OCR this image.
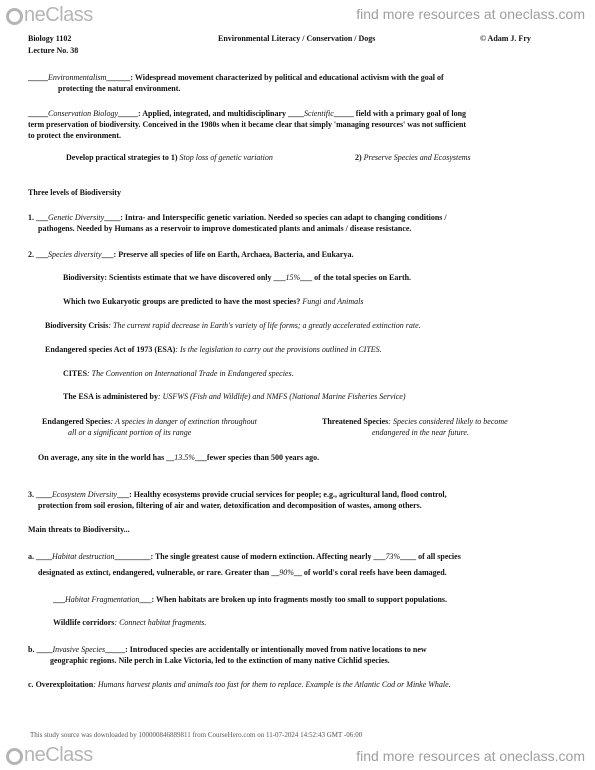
neClass	find more resources at oneclass.com
Biology 1102	Environmental Literacy / Conservation / Dogs	© Adam J. Fry
Lecture No. 38
_____Environmentalism______: Widespread movement characterized by political and educational activism with the goal of
protecting the natural environment.
_____Conservation Biology_____: Applied, integrated, and multidisciplinary ____Scientific_____ field with a primary goal of long
term preservation of biodiversity. Conceived in the 1980s when it became clear that simply 'managing resources' was not sufficient
to protect the environment.
Develop practical strategies to 1) Stop loss of genetic variation	2) Preserve Species and Ecosystems
Three levels of Biodiversity
1. ___Genetic Diversity____: Intra- and Interspecific genetic variation. Needed so species can adapt to changing conditions /
pathogens. Needed by Humans as a reservoir to improve domesticated plants and animals / disease resistance.
2. ___Species diversity___: Preserve all species of life on Earth, Archaea, Bacteria, and Eukarya.
Biodiversity: Scientists estimate that we have discovered only ___15%___ of the total species on Earth.
Which two Eukaryotic groups are predicted to have the most species? Fungi and Animals
Biodiversity Crisis: The current rapid decrease in Earth's variety of life forms; a greatly accelerated extinction rate.
Endangered species Act of 1973 (ESA): Is the legislation to carry out the provisions outlined in CITES.
CITES: The Convention on International Trade in Endangered species.
The ESA is administered by: USFWS (Fish and Wildlife) and NMFS (National Marine Fisheries Service)
Endangered Species: A species in danger of extinction throughout
all or a significant portion of its range
Threatened Species: Species considered likely to become
endangered in the near future.
On average, any site in the world has __13.5%___fewer species than 500 years ago.
3. ____Ecosystem Diversity___: Healthy ecosystems provide crucial services for people; e.g., agricultural land, flood control,
protection from soil erosion, filtering of air and water, detoxification and decomposition of wastes, among others.
Main threats to Biodiversity...
a. ____Habitat destruction_________: The single greatest cause of modern extinction. Affecting nearly ___73%____ of all species
designated as extinct, endangered, vulnerable, or rare. Greater than __90%__ of world's coral reefs have been damaged.
___Habitat Fragmentation___: When habitats are broken up into fragments mostly too small to support populations.
Wildlife corridors: Connect habitat fragments.
b. ____Invasive Species_____: Introduced species are accidentally or intentionally moved from native locations to new
geographic regions. Nile perch in Lake Victoria, led to the extinction of many native Cichlid species.
c. Overexploitation: Humans harvest plants and animals too fast for them to replace. Example is the Atlantic Cod or Minke Whale.
This study source was downloaded by 100000846889811 from CourseHero.com on 11-07-2024 14:52:43 GMT -06:00
neClass	find more resources at oneclass.com
